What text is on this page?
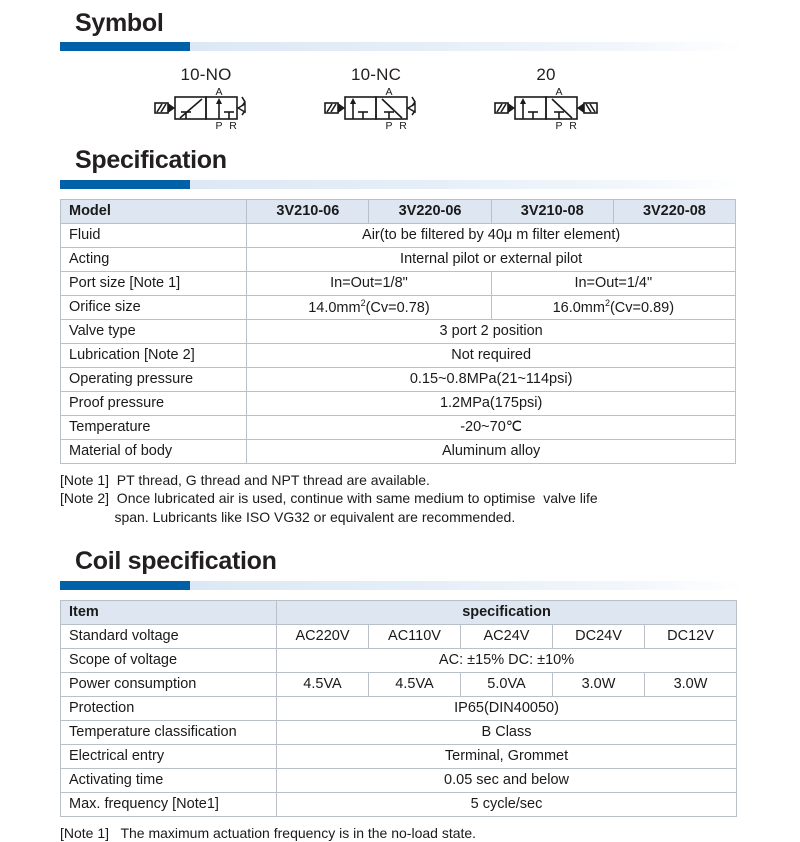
Symbol
10-NO
A
P R
10-NC
A
P R
20
A
P R
Specification
Model	3V210-06	3V220-06	3V210-08	3V220-08
Fluid	Air(to be filtered by 40μ m filter element)			
Acting	Internal pilot or external pilot			
Port size [Note 1]	In=Out=1/8"		In=Out=1/4"	
Orifice size	$14.0mm^2(Cv=0.78)$		$16.0mm^2(Cv=0.89)$	
Valve type	3 port 2 position			
Lubrication [Note 2]	Not required			
Operating pressure	0.15~0.8MPa(21~114psi)			
Proof pressure	1.2MPa(175psi)			
Temperature	-20~70℃			
Material of body	Aluminum alloy			
[Note 1]  PT thread, G thread and NPT thread are available.
[Note 2]  Once lubricated air is used, continue with same medium to optimise  valve life
span. Lubricants like ISO VG32 or equivalent are recommended.
Coil specification
Item	specification				
Standard voltage	AC220V	AC110V	AC24V	DC24V	DC12V
Scope of voltage	AC: ±15% DC: ±10%				
Power consumption	4.5VA	4.5VA	5.0VA	3.0W	3.0W
Protection	IP65(DIN40050)				
Temperature classification	B Class				
Electrical entry	Terminal, Grommet				
Activating time	0.05 sec and below				
Max. frequency [Note1]	5 cycle/sec				
[Note 1]   The maximum actuation frequency is in the no-load state.
